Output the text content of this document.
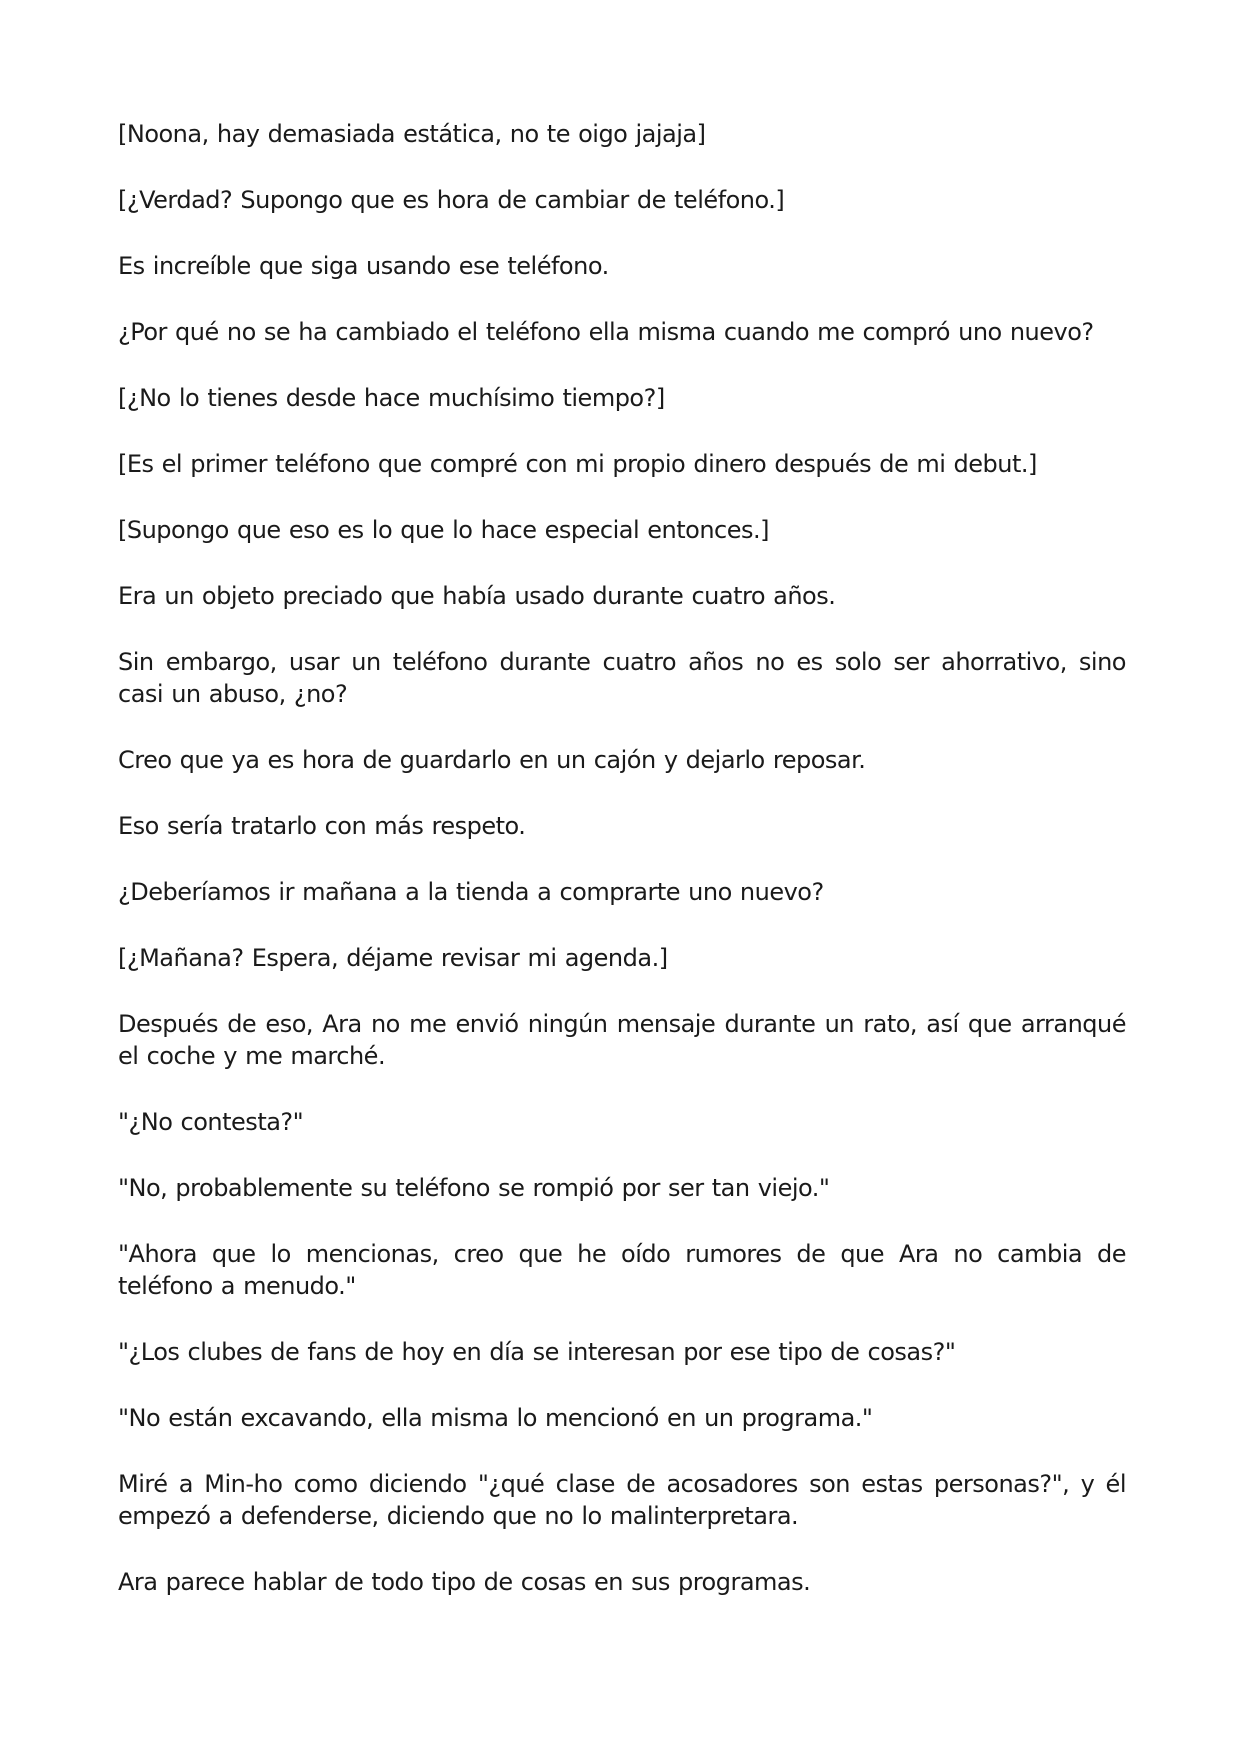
[Noona, hay demasiada estática, no te oigo jajaja]

[¿Verdad? Supongo que es hora de cambiar de teléfono.]

Es increíble que siga usando ese teléfono.

¿Por qué no se ha cambiado el teléfono ella misma cuando me compró uno nuevo?

[¿No lo tienes desde hace muchísimo tiempo?]

[Es el primer teléfono que compré con mi propio dinero después de mi debut.]

[Supongo que eso es lo que lo hace especial entonces.]

Era un objeto preciado que había usado durante cuatro años.

Sin embargo, usar un teléfono durante cuatro años no es solo ser ahorrativo, sino casi un abuso, ¿no?

Creo que ya es hora de guardarlo en un cajón y dejarlo reposar.

Eso sería tratarlo con más respeto.

¿Deberíamos ir mañana a la tienda a comprarte uno nuevo?

[¿Mañana? Espera, déjame revisar mi agenda.]

Después de eso, Ara no me envió ningún mensaje durante un rato, así que arranqué el coche y me marché.

"¿No contesta?"

"No, probablemente su teléfono se rompió por ser tan viejo."

"Ahora que lo mencionas, creo que he oído rumores de que Ara no cambia de teléfono a menudo."

"¿Los clubes de fans de hoy en día se interesan por ese tipo de cosas?"

"No están excavando, ella misma lo mencionó en un programa."

Miré a Min-ho como diciendo "¿qué clase de acosadores son estas personas?", y él empezó a defenderse, diciendo que no lo malinterpretara.

Ara parece hablar de todo tipo de cosas en sus programas.
